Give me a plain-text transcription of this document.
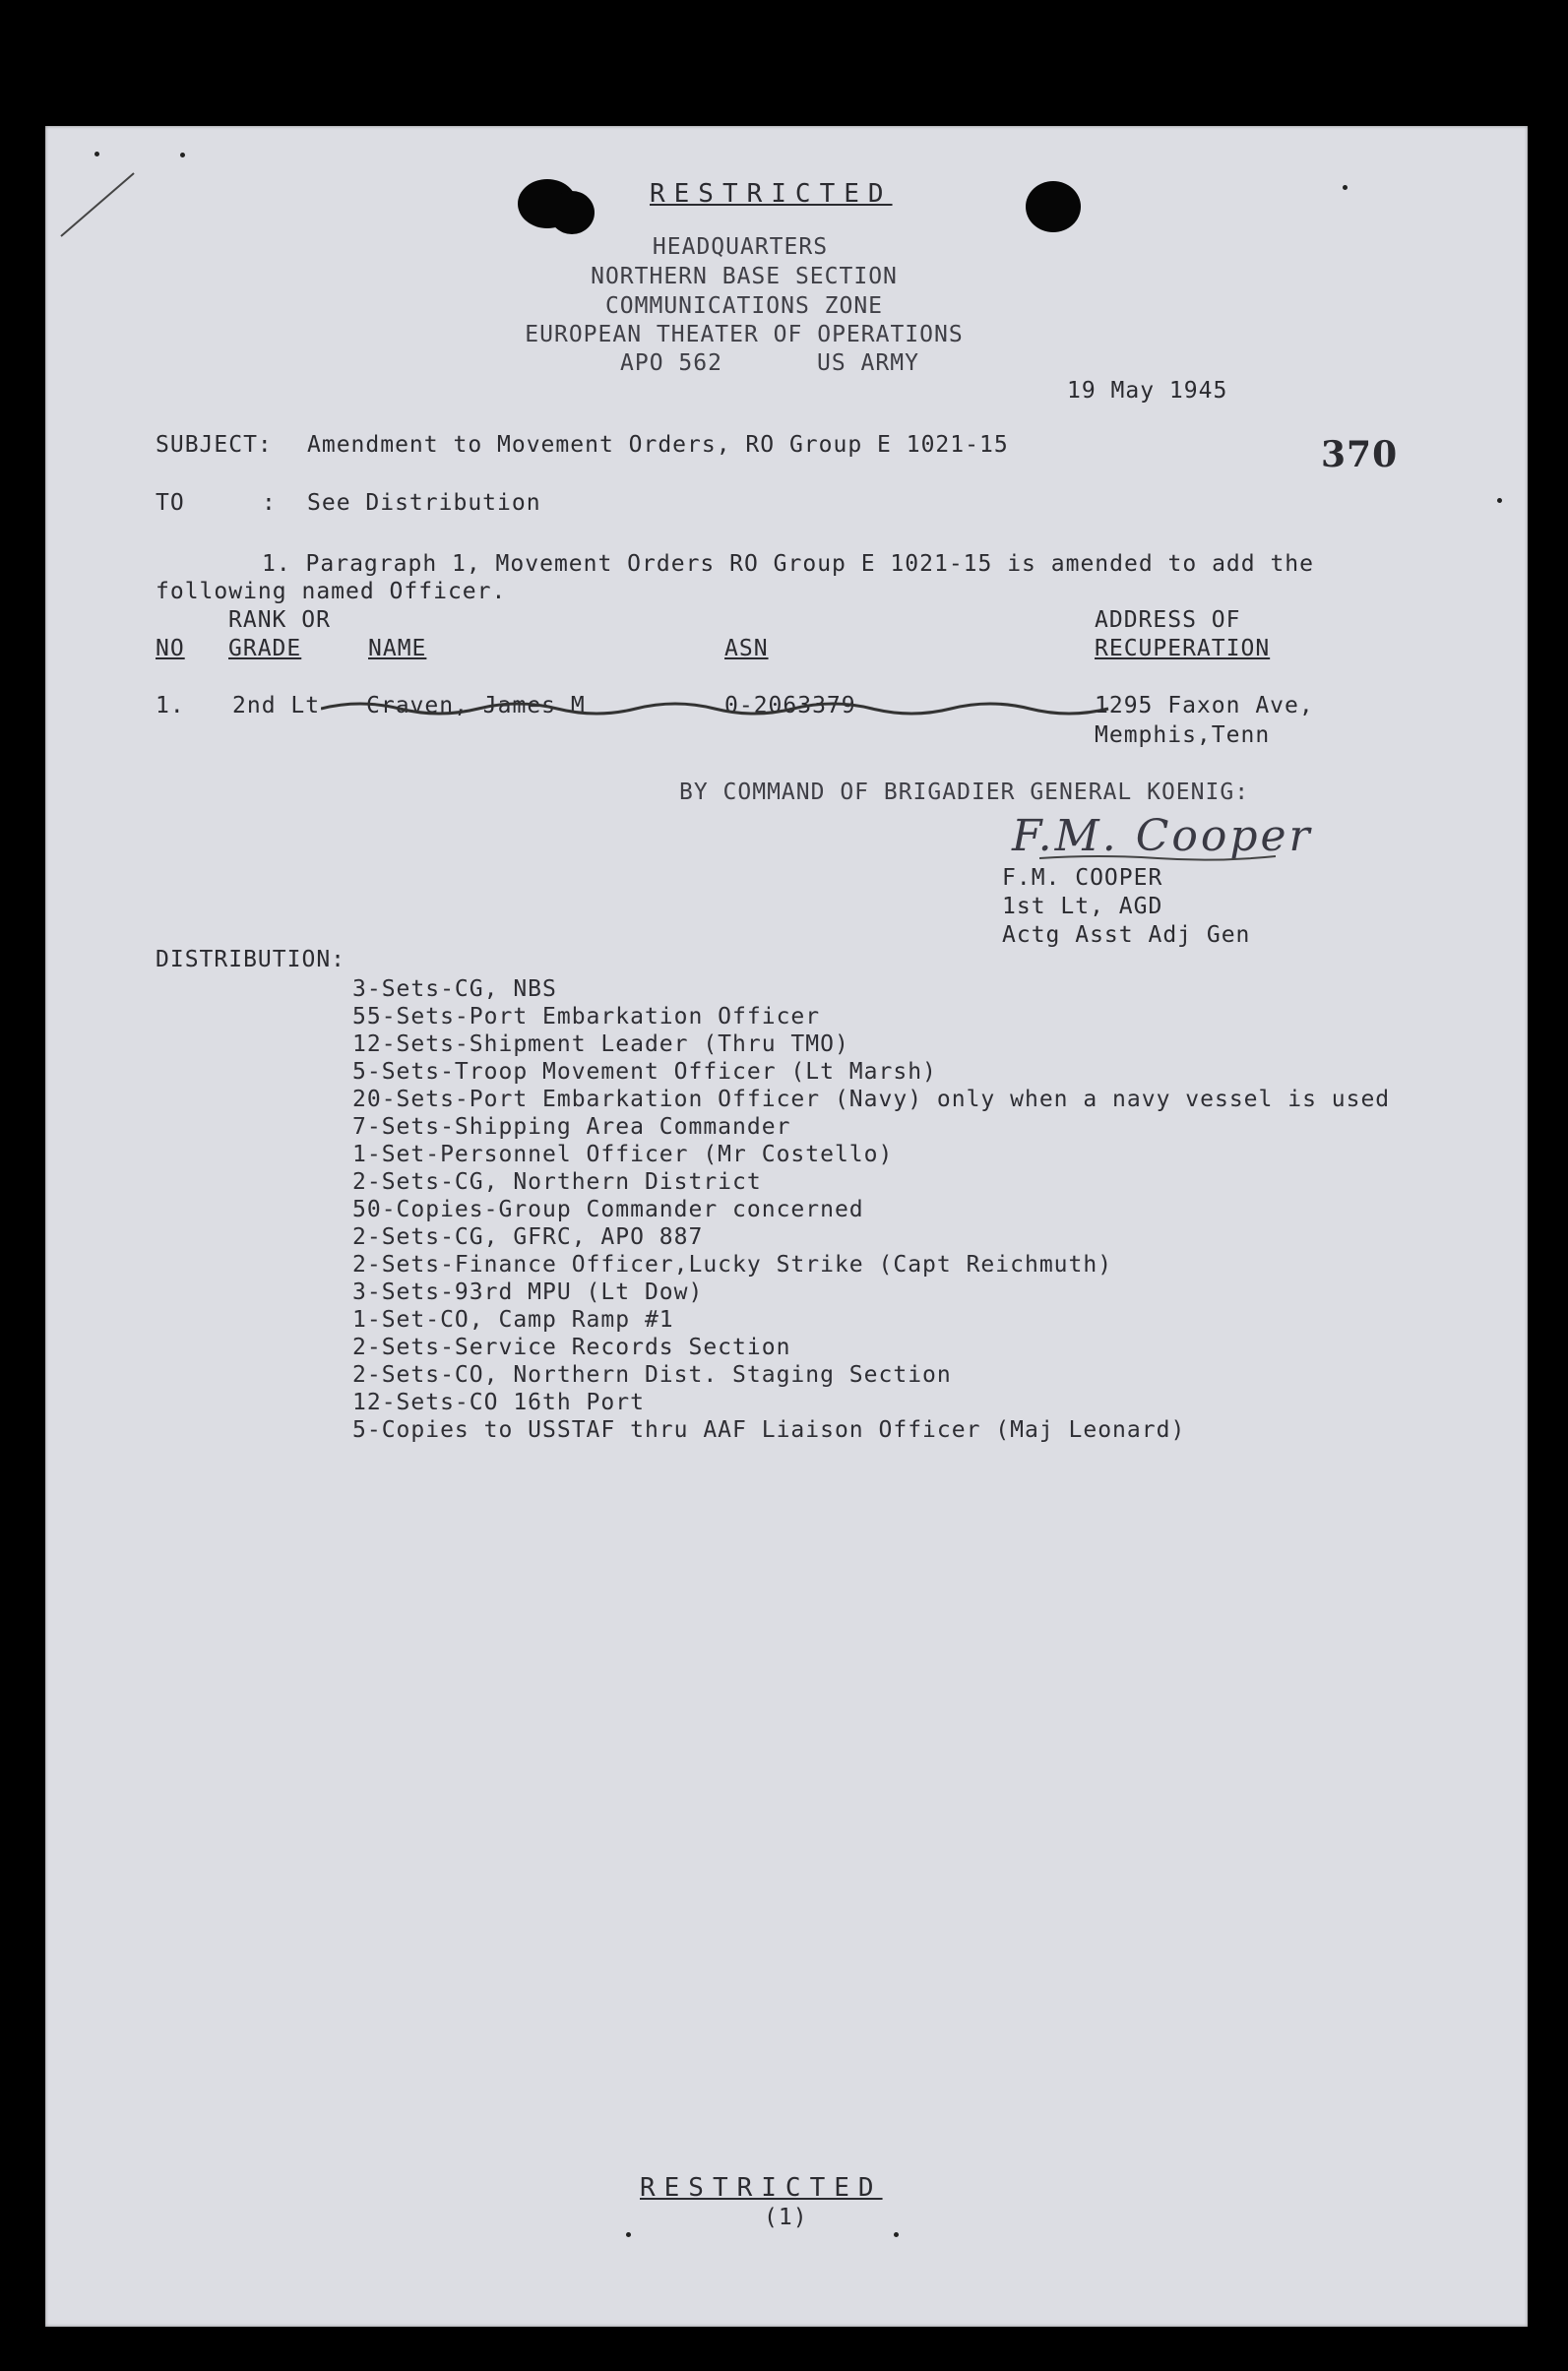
RESTRICTED
HEADQUARTERS
NORTHERN BASE SECTION
COMMUNICATIONS ZONE
EUROPEAN THEATER OF OPERATIONS
APO 562	US ARMY
19 May 1945
370
SUBJECT: Amendment to Movement Orders, RO Group E 1021-15
TO	: See Distribution
1. Paragraph 1, Movement Orders RO Group E 1021-15 is amended to add the
following named Officer.
RANK OR	ADDRESS OF
NO GRADE	NAME	ASN	RECUPERATION
1. 2nd Lt Craven, James M	0-2063379	1295 Faxon Ave,
Memphis,Tenn
BY COMMAND OF BRIGADIER GENERAL KOENIG:
F.M. Cooper
F.M. COOPER
1st Lt, AGD
Actg Asst Adj Gen
DISTRIBUTION:
3-Sets-CG, NBS
55-Sets-Port Embarkation Officer
12-Sets-Shipment Leader (Thru TMO)
5-Sets-Troop Movement Officer (Lt Marsh)
20-Sets-Port Embarkation Officer (Navy) only when a navy vessel is used
7-Sets-Shipping Area Commander
1-Set-Personnel Officer (Mr Costello)
2-Sets-CG, Northern District
50-Copies-Group Commander concerned
2-Sets-CG, GFRC, APO 887
2-Sets-Finance Officer,Lucky Strike (Capt Reichmuth)
3-Sets-93rd MPU (Lt Dow)
1-Set-CO, Camp Ramp #1
2-Sets-Service Records Section
2-Sets-CO, Northern Dist. Staging Section
12-Sets-CO 16th Port
5-Copies to USSTAF thru AAF Liaison Officer (Maj Leonard)
RESTRICTED
(1)
